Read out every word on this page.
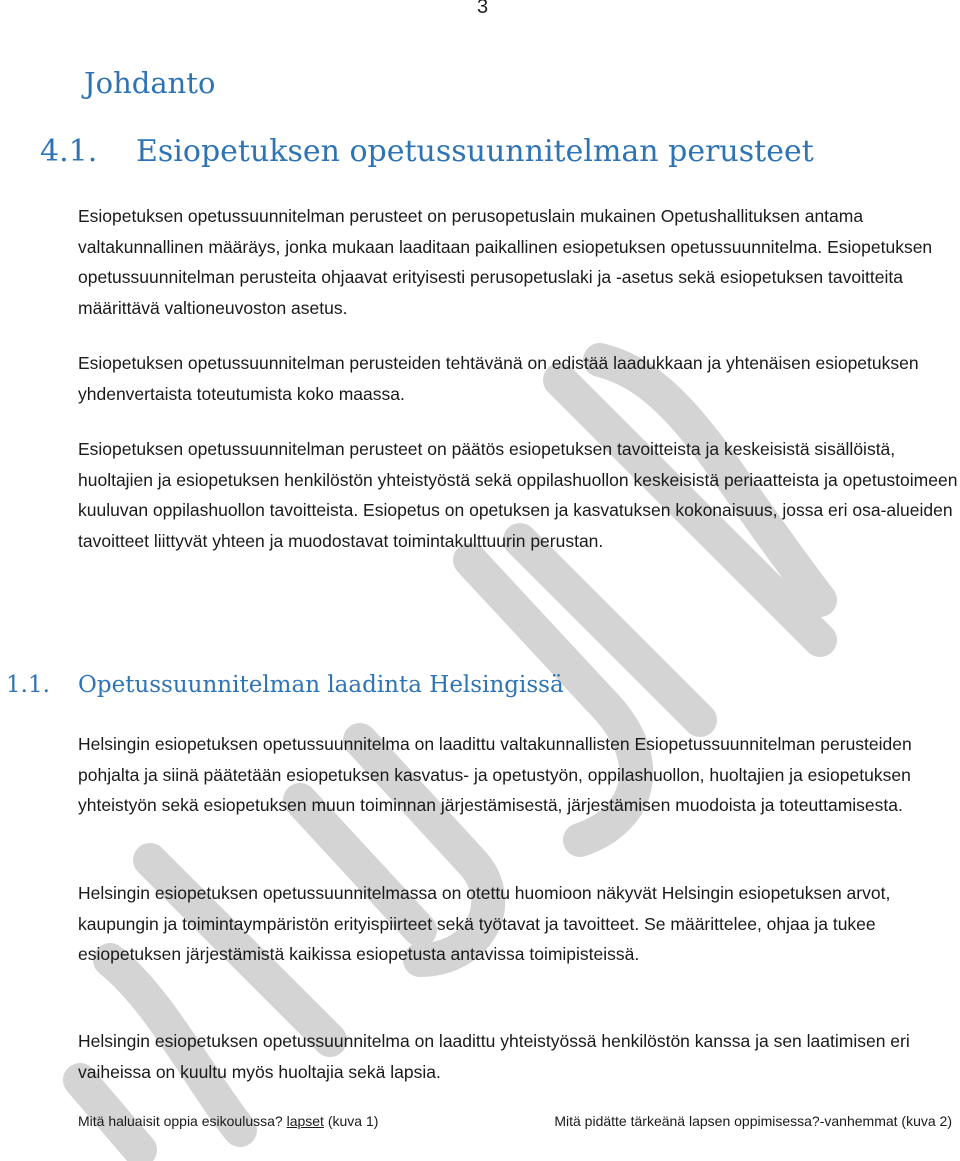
3
Johdanto
4.1. Esiopetuksen opetussuunnitelman perusteet

Esiopetuksen opetussuunnitelman perusteet on perusopetuslain mukainen Opetushallituksen antama valtakunnallinen määräys, jonka mukaan laaditaan paikallinen esiopetuksen opetussuunnitelma. Esiopetuksen opetussuunnitelman perusteita ohjaavat erityisesti perusopetuslaki ja -asetus sekä esiopetuksen tavoitteita määrittävä valtioneuvoston asetus.

Esiopetuksen opetussuunnitelman perusteiden tehtävänä on edistää laadukkaan ja yhtenäisen esiopetuksen yhdenvertaista toteutumista koko maassa.

Esiopetuksen opetussuunnitelman perusteet on päätös esiopetuksen tavoitteista ja keskeisistä sisällöistä, huoltajien ja esiopetuksen henkilöstön yhteistyöstä sekä oppilashuollon keskeisistä periaatteista ja opetustoimeen kuuluvan oppilashuollon tavoitteista. Esiopetus on opetuksen ja kasvatuksen kokonaisuus, jossa eri osa-alueiden tavoitteet liittyvät yhteen ja muodostavat toimintakulttuurin perustan.

1.1. Opetussuunnitelman laadinta Helsingissä

Helsingin esiopetuksen opetussuunnitelma on laadittu valtakunnallisten Esiopetussuunnitelman perusteiden pohjalta ja siinä päätetään esiopetuksen kasvatus- ja opetustyön, oppilashuollon, huoltajien ja esiopetuksen yhteistyön sekä esiopetuksen muun toiminnan järjestämisestä, järjestämisen muodoista ja toteuttamisesta.

Helsingin esiopetuksen opetussuunnitelmassa on otettu huomioon näkyvät Helsingin esiopetuksen arvot, kaupungin ja toimintaympäristön erityispiirteet sekä työtavat ja tavoitteet. Se määrittelee, ohjaa ja tukee esiopetuksen järjestämistä kaikissa esiopetusta antavissa toimipisteissä.

Helsingin esiopetuksen opetussuunnitelma on laadittu yhteistyössä henkilöstön kanssa ja sen laatimisen eri vaiheissa on kuultu myös huoltajia sekä lapsia.

Mitä haluaisit oppia esikoulussa? lapset (kuva 1)	Mitä pidätte tärkeänä lapsen oppimisessa?-vanhemmat (kuva 2)
